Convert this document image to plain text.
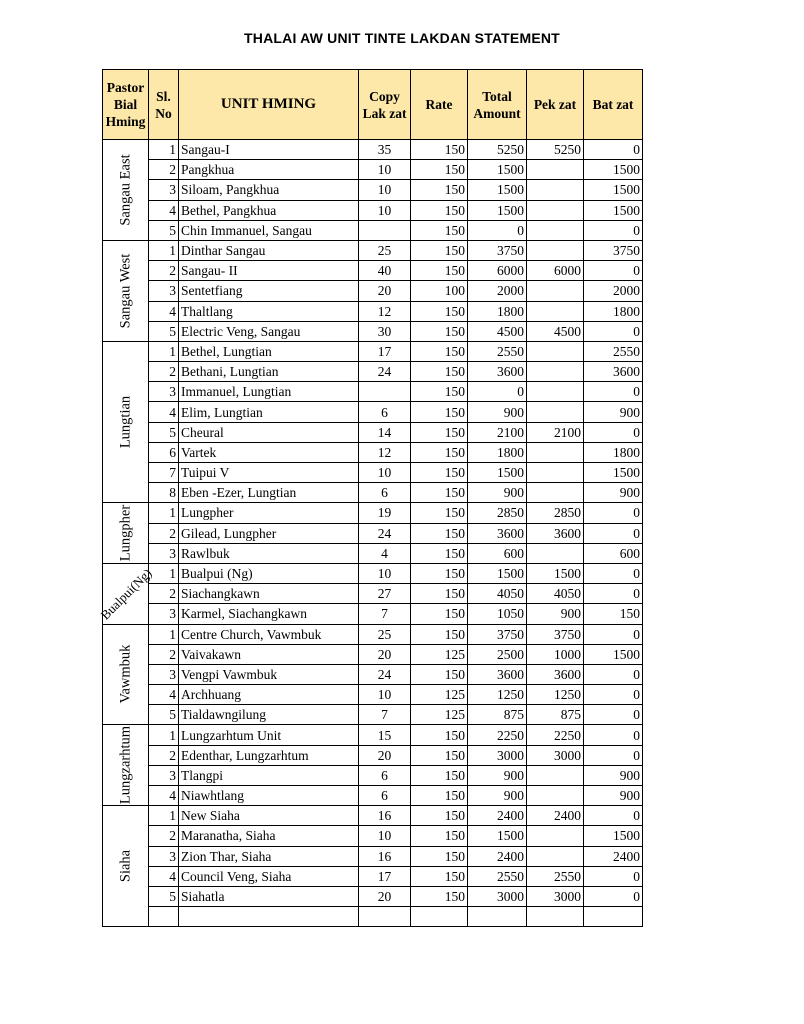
THALAI AW UNIT TINTE LAKDAN STATEMENT
Pastor Bial Hming	Sl. No	UNIT HMING	Copy Lak zat	Rate	Total Amount	Pek zat	Bat zat

Sangau East	1	Sangau-I	35	150	5250	5250	0
	2	Pangkhua	10	150	1500		1500
	3	Siloam, Pangkhua	10	150	1500		1500
	4	Bethel, Pangkhua	10	150	1500		1500
	5	Chin Immanuel, Sangau		150	0		0

Sangau West	1	Dinthar Sangau	25	150	3750		3750
	2	Sangau- II	40	150	6000	6000	0
	3	Sentetfiang	20	100	2000		2000
	4	Thaltlang	12	150	1800		1800
	5	Electric Veng, Sangau	30	150	4500	4500	0

Lungtian	1	Bethel, Lungtian	17	150	2550		2550
	2	Bethani, Lungtian	24	150	3600		3600
	3	Immanuel, Lungtian		150	0		0
	4	Elim, Lungtian	6	150	900		900
	5	Cheural	14	150	2100	2100	0
	6	Vartek	12	150	1800		1800
	7	Tuipui V	10	150	1500		1500
	8	Eben -Ezer, Lungtian	6	150	900		900

Lungpher	1	Lungpher	19	150	2850	2850	0
	2	Gilead, Lungpher	24	150	3600	3600	0
	3	Rawlbuk	4	150	600		600

Bualpui(Ng)	1	Bualpui (Ng)	10	150	1500	1500	0
	2	Siachangkawn	27	150	4050	4050	0
	3	Karmel, Siachangkawn	7	150	1050	900	150

Vawmbuk	1	Centre Church, Vawmbuk	25	150	3750	3750	0
	2	Vaivakawn	20	125	2500	1000	1500
	3	Vengpi Vawmbuk	24	150	3600	3600	0
	4	Archhuang	10	125	1250	1250	0
	5	Tialdawngilung	7	125	875	875	0

Lungzarhtum	1	Lungzarhtum Unit	15	150	2250	2250	0
	2	Edenthar, Lungzarhtum	20	150	3000	3000	0
	3	Tlangpi	6	150	900		900
	4	Niawhtlang	6	150	900		900

Siaha	1	New Siaha	16	150	2400	2400	0
	2	Maranatha, Siaha	10	150	1500		1500
	3	Zion Thar, Siaha	16	150	2400		2400
	4	Council Veng, Siaha	17	150	2550	2550	0
	5	Siahatla	20	150	3000	3000	0
